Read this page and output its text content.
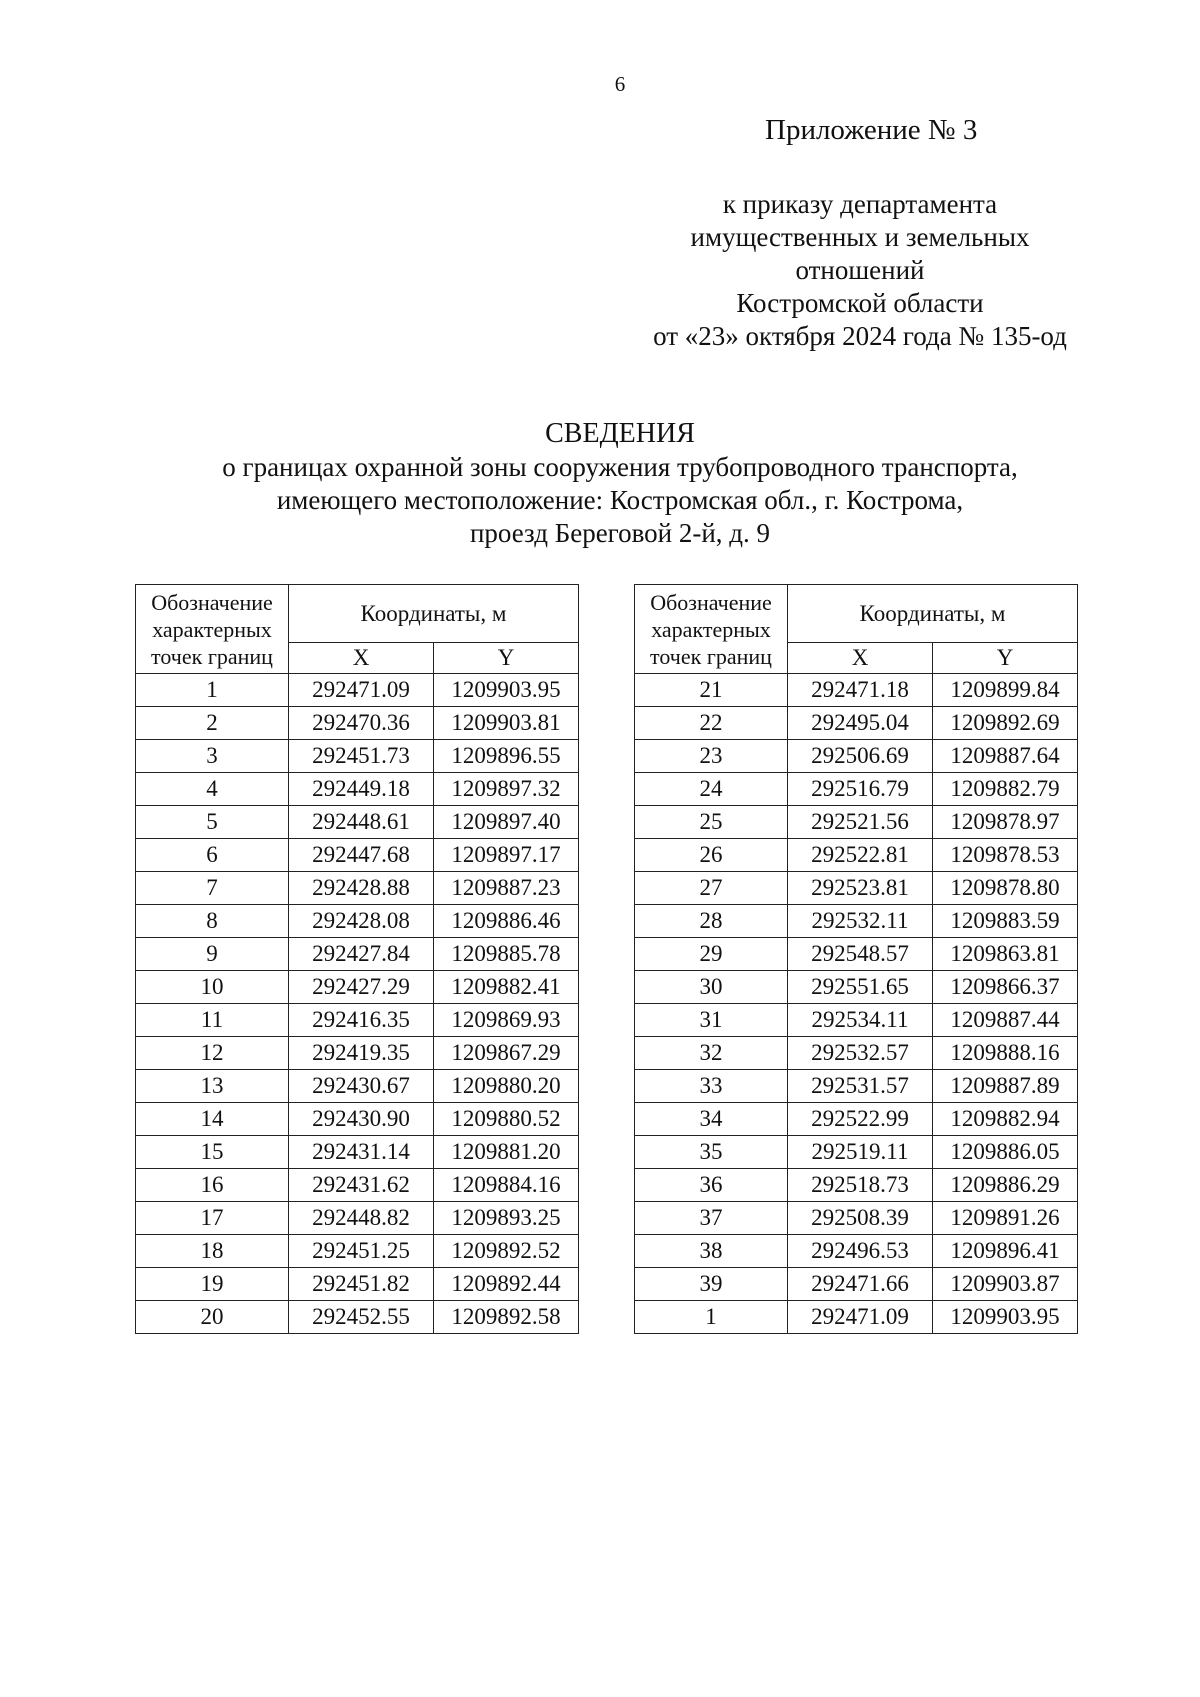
6
Приложение № 3
к приказу департамента
имущественных и земельных
отношений
Костромской области
от «23» октября 2024 года № 135-од
СВЕДЕНИЯ
о границах охранной зоны сооружения трубопроводного транспорта,
имеющего местоположение: Костромская обл., г. Кострома,
проезд Береговой 2-й, д. 9
Обозначение
характерных
точек границ	Координаты, м	
	X	Y
1	292471.09	1209903.95
2	292470.36	1209903.81
3	292451.73	1209896.55
4	292449.18	1209897.32
5	292448.61	1209897.40
6	292447.68	1209897.17
7	292428.88	1209887.23
8	292428.08	1209886.46
9	292427.84	1209885.78
10	292427.29	1209882.41
11	292416.35	1209869.93
12	292419.35	1209867.29
13	292430.67	1209880.20
14	292430.90	1209880.52
15	292431.14	1209881.20
16	292431.62	1209884.16
17	292448.82	1209893.25
18	292451.25	1209892.52
19	292451.82	1209892.44
20	292452.55	1209892.58
Обозначение
характерных
точек границ	Координаты, м	
	X	Y
21	292471.18	1209899.84
22	292495.04	1209892.69
23	292506.69	1209887.64
24	292516.79	1209882.79
25	292521.56	1209878.97
26	292522.81	1209878.53
27	292523.81	1209878.80
28	292532.11	1209883.59
29	292548.57	1209863.81
30	292551.65	1209866.37
31	292534.11	1209887.44
32	292532.57	1209888.16
33	292531.57	1209887.89
34	292522.99	1209882.94
35	292519.11	1209886.05
36	292518.73	1209886.29
37	292508.39	1209891.26
38	292496.53	1209896.41
39	292471.66	1209903.87
1	292471.09	1209903.95
